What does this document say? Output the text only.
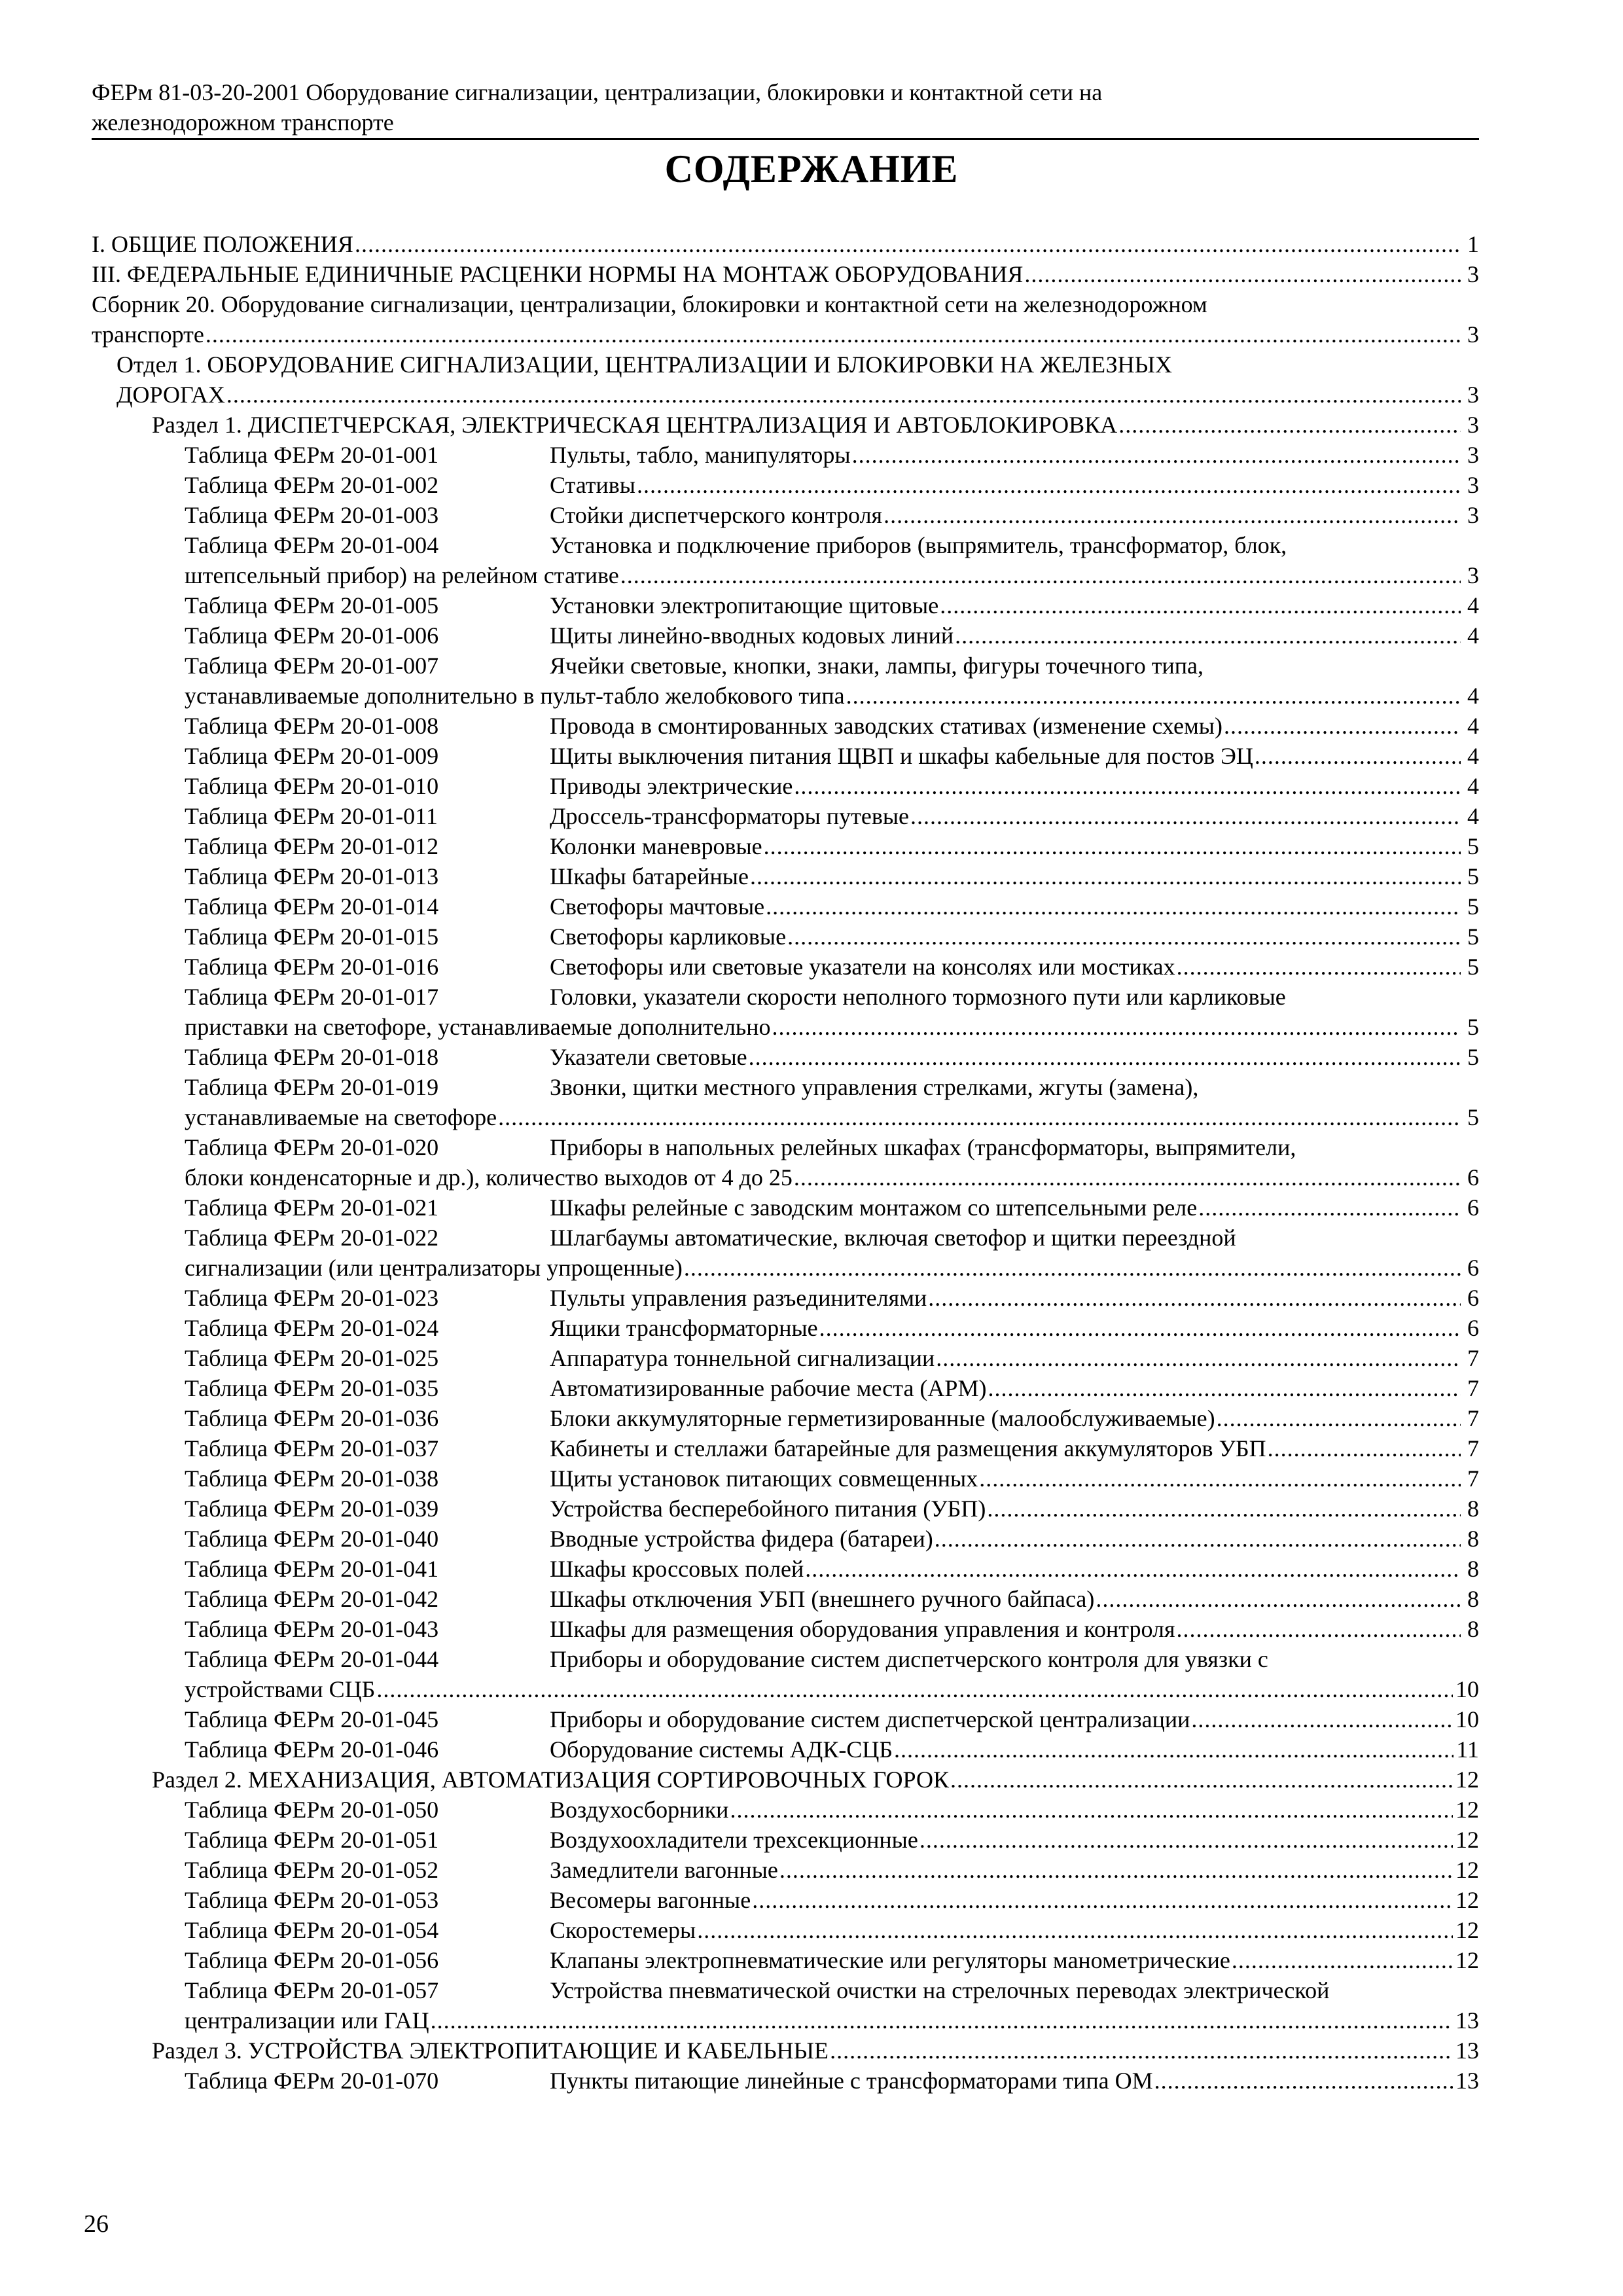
ФЕРм 81-03-20-2001 Оборудование сигнализации, централизации, блокировки и контактной сети на
железнодорожном транспорте
СОДЕРЖАНИЕ
I. ОБЩИЕ ПОЛОЖЕНИЯ .....	1
III. ФЕДЕРАЛЬНЫЕ ЕДИНИЧНЫЕ РАСЦЕНКИ НОРМЫ НА МОНТАЖ ОБОРУДОВАНИЯ .....	3
Сборник 20. Оборудование сигнализации, централизации, блокировки и контактной сети на железнодорожном
транспорте .....	3
Отдел 1. ОБОРУДОВАНИЕ СИГНАЛИЗАЦИИ, ЦЕНТРАЛИЗАЦИИ И БЛОКИРОВКИ НА ЖЕЛЕЗНЫХ
ДОРОГАХ .....	3
Раздел 1. ДИСПЕТЧЕРСКАЯ, ЭЛЕКТРИЧЕСКАЯ ЦЕНТРАЛИЗАЦИЯ И АВТОБЛОКИРОВКА .....	3
Таблица ФЕРм 20-01-001	Пульты, табло, манипуляторы .....	3
Таблица ФЕРм 20-01-002	Стативы .....	3
Таблица ФЕРм 20-01-003	Стойки диспетчерского контроля .....	3
Таблица ФЕРм 20-01-004	Установка и подключение приборов (выпрямитель, трансформатор, блок,
штепсельный прибор) на релейном стативе .....	3
Таблица ФЕРм 20-01-005	Установки электропитающие щитовые .....	4
Таблица ФЕРм 20-01-006	Щиты линейно-вводных кодовых линий .....	4
Таблица ФЕРм 20-01-007	Ячейки световые, кнопки, знаки, лампы, фигуры точечного типа,
устанавливаемые дополнительно в пульт-табло желобкового типа .....	4
Таблица ФЕРм 20-01-008	Провода в смонтированных заводских стативах (изменение схемы) .....	4
Таблица ФЕРм 20-01-009	Щиты выключения питания ЩВП и шкафы кабельные для постов ЭЦ .....	4
Таблица ФЕРм 20-01-010	Приводы электрические .....	4
Таблица ФЕРм 20-01-011	Дроссель-трансформаторы путевые .....	4
Таблица ФЕРм 20-01-012	Колонки маневровые .....	5
Таблица ФЕРм 20-01-013	Шкафы батарейные .....	5
Таблица ФЕРм 20-01-014	Светофоры мачтовые .....	5
Таблица ФЕРм 20-01-015	Светофоры карликовые .....	5
Таблица ФЕРм 20-01-016	Светофоры или световые указатели на консолях или мостиках .....	5
Таблица ФЕРм 20-01-017	Головки, указатели скорости неполного тормозного пути или карликовые
приставки на светофоре, устанавливаемые дополнительно .....	5
Таблица ФЕРм 20-01-018	Указатели световые .....	5
Таблица ФЕРм 20-01-019	Звонки, щитки местного управления стрелками, жгуты (замена),
устанавливаемые на светофоре .....	5
Таблица ФЕРм 20-01-020	Приборы в напольных релейных шкафах (трансформаторы, выпрямители,
блоки конденсаторные и др.), количество выходов от 4 до 25 .....	6
Таблица ФЕРм 20-01-021	Шкафы релейные с заводским монтажом со штепсельными реле .....	6
Таблица ФЕРм 20-01-022	Шлагбаумы автоматические, включая светофор и щитки переездной
сигнализации (или централизаторы упрощенные) .....	6
Таблица ФЕРм 20-01-023	Пульты управления разъединителями .....	6
Таблица ФЕРм 20-01-024	Ящики трансформаторные .....	6
Таблица ФЕРм 20-01-025	Аппаратура тоннельной сигнализации .....	7
Таблица ФЕРм 20-01-035	Автоматизированные рабочие места (АРМ) .....	7
Таблица ФЕРм 20-01-036	Блоки аккумуляторные герметизированные (малообслуживаемые) .....	7
Таблица ФЕРм 20-01-037	Кабинеты и стеллажи батарейные для размещения аккумуляторов УБП .....	7
Таблица ФЕРм 20-01-038	Щиты установок питающих совмещенных .....	7
Таблица ФЕРм 20-01-039	Устройства бесперебойного питания (УБП) .....	8
Таблица ФЕРм 20-01-040	Вводные устройства фидера (батареи) .....	8
Таблица ФЕРм 20-01-041	Шкафы кроссовых полей .....	8
Таблица ФЕРм 20-01-042	Шкафы отключения УБП (внешнего ручного байпаса) .....	8
Таблица ФЕРм 20-01-043	Шкафы для размещения оборудования управления и контроля .....	8
Таблица ФЕРм 20-01-044	Приборы и оборудование систем диспетчерского контроля для увязки с
устройствами СЦБ .....	10
Таблица ФЕРм 20-01-045	Приборы и оборудование систем диспетчерской централизации .....	10
Таблица ФЕРм 20-01-046	Оборудование системы АДК-СЦБ .....	11
Раздел 2. МЕХАНИЗАЦИЯ, АВТОМАТИЗАЦИЯ СОРТИРОВОЧНЫХ ГОРОК .....	12
Таблица ФЕРм 20-01-050	Воздухосборники .....	12
Таблица ФЕРм 20-01-051	Воздухоохладители трехсекционные .....	12
Таблица ФЕРм 20-01-052	Замедлители вагонные .....	12
Таблица ФЕРм 20-01-053	Весомеры вагонные .....	12
Таблица ФЕРм 20-01-054	Скоростемеры .....	12
Таблица ФЕРм 20-01-056	Клапаны электропневматические или регуляторы манометрические .....	12
Таблица ФЕРм 20-01-057	Устройства пневматической очистки на стрелочных переводах электрической
централизации или ГАЦ .....	13
Раздел 3. УСТРОЙСТВА ЭЛЕКТРОПИТАЮЩИЕ И КАБЕЛЬНЫЕ .....	13
Таблица ФЕРм 20-01-070	Пункты питающие линейные с трансформаторами типа ОМ .....	13
26
